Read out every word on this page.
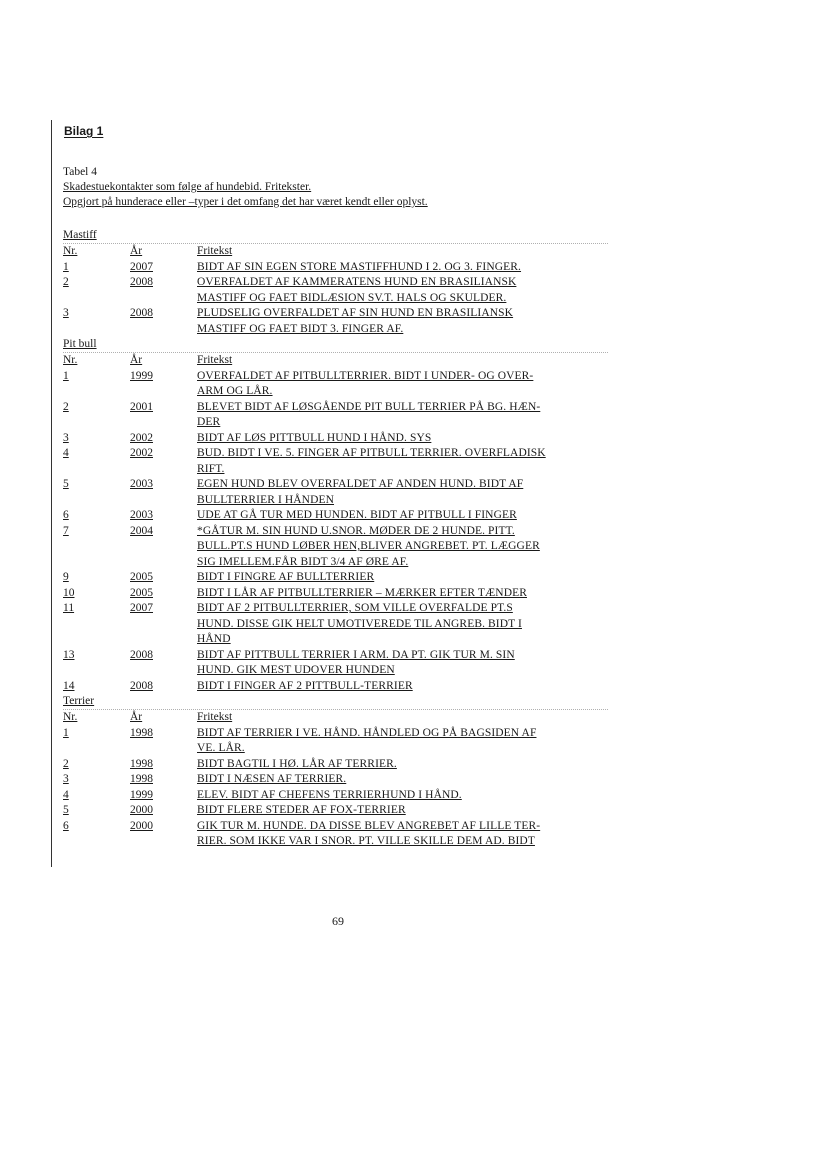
Bilag 1
Tabel 4
Skadestuekontakter som følge af hundebid. Fritekster.
Opgjort på hunderace eller –typer i det omfang det har været kendt eller oplyst.
Mastiff
Nr.	År	Fritekst
1	2007	BIDT AF SIN EGEN STORE MASTIFFHUND I 2. OG 3. FINGER.
2	2008	OVERFALDET AF KAMMERATENS HUND EN BRASILIANSK
MASTIFF OG FAET BIDLÆSION SV.T. HALS OG SKULDER.
3	2008	PLUDSELIG OVERFALDET AF SIN HUND EN BRASILIANSK
MASTIFF OG FAET BIDT 3. FINGER AF.
Pit bull
Nr.	År	Fritekst
1	1999	OVERFALDET AF PITBULLTERRIER. BIDT I UNDER- OG OVER-
ARM OG LÅR.
2	2001	BLEVET BIDT AF LØSGÅENDE PIT BULL TERRIER PÅ BG. HÆN-
DER
3	2002	BIDT AF LØS PITTBULL HUND I HÅND. SYS
4	2002	BUD. BIDT I VE. 5. FINGER AF PITBULL TERRIER. OVERFLADISK
RIFT.
5	2003	EGEN HUND BLEV OVERFALDET AF ANDEN HUND. BIDT AF
BULLTERRIER I HÅNDEN
6	2003	UDE AT GÅ TUR MED HUNDEN. BIDT AF PITBULL I FINGER
7	2004	*GÅTUR M. SIN HUND U.SNOR. MØDER DE 2 HUNDE. PITT.
BULL.PT.S HUND LØBER HEN,BLIVER ANGREBET. PT. LÆGGER
SIG IMELLEM.FÅR BIDT 3/4 AF ØRE AF.
9	2005	BIDT I FINGRE AF BULLTERRIER
10	2005	BIDT I LÅR AF PITBULLTERRIER – MÆRKER EFTER TÆNDER
11	2007	BIDT AF 2 PITBULLTERRIER, SOM VILLE OVERFALDE PT.S
HUND. DISSE GIK HELT UMOTIVEREDE TIL ANGREB. BIDT I
HÅND
13	2008	BIDT AF PITTBULL TERRIER I ARM. DA PT. GIK TUR M. SIN
HUND. GIK MEST UDOVER HUNDEN
14	2008	BIDT I FINGER AF 2 PITTBULL-TERRIER
Terrier
Nr.	År	Fritekst
1	1998	BIDT AF TERRIER I VE. HÅND. HÅNDLED OG PÅ BAGSIDEN AF
VE. LÅR.
2	1998	BIDT BAGTIL I HØ. LÅR AF TERRIER.
3	1998	BIDT I NÆSEN AF TERRIER.
4	1999	ELEV. BIDT AF CHEFENS TERRIERHUND I HÅND.
5	2000	BIDT FLERE STEDER AF FOX-TERRIER
6	2000	GIK TUR M. HUNDE. DA DISSE BLEV ANGREBET AF LILLE TER-
RIER. SOM IKKE VAR I SNOR. PT. VILLE SKILLE DEM AD. BIDT
69
